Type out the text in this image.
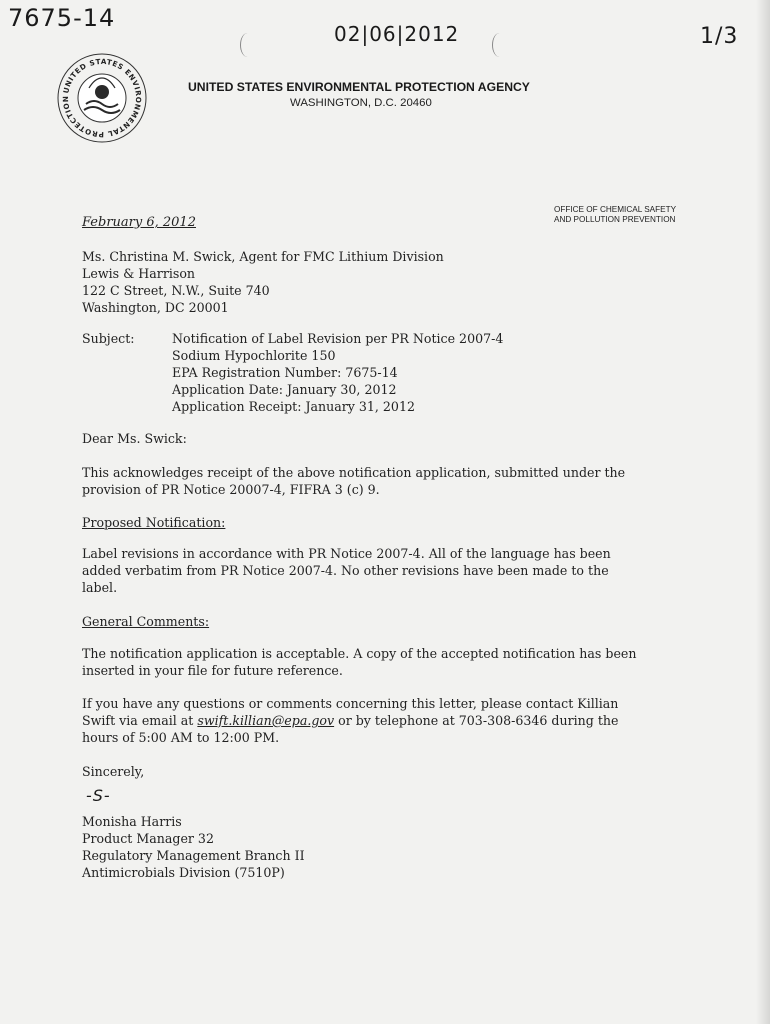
7675-14
02|06|2012	1/3
UNITED STATES ENVIRONMENTAL PROTECTION
UNITED STATES ENVIRONMENTAL PROTECTION AGENCY
WASHINGTON, D.C. 20460
OFFICE OF CHEMICAL SAFETY
AND POLLUTION PREVENTION
February 6, 2012
Ms. Christina M. Swick, Agent for FMC Lithium Division
Lewis & Harrison
122 C Street, N.W., Suite 740
Washington, DC 20001
Subject:	Notification of Label Revision per PR Notice 2007-4
Sodium Hypochlorite 150
EPA Registration Number: 7675-14
Application Date: January 30, 2012
Application Receipt: January 31, 2012
Dear Ms. Swick:
This acknowledges receipt of the above notification application, submitted under the
provision of PR Notice 20007-4, FIFRA 3 (c) 9.
Proposed Notification:
Label revisions in accordance with PR Notice 2007-4. All of the language has been
added verbatim from PR Notice 2007-4. No other revisions have been made to the
label.
General Comments:
The notification application is acceptable. A copy of the accepted notification has been
inserted in your file for future reference.
If you have any questions or comments concerning this letter, please contact Killian
Swift via email at swift.killian@epa.gov or by telephone at 703-308-6346 during the
hours of 5:00 AM to 12:00 PM.
Sincerely,
-S-
Monisha Harris
Product Manager 32
Regulatory Management Branch II
Antimicrobials Division (7510P)
